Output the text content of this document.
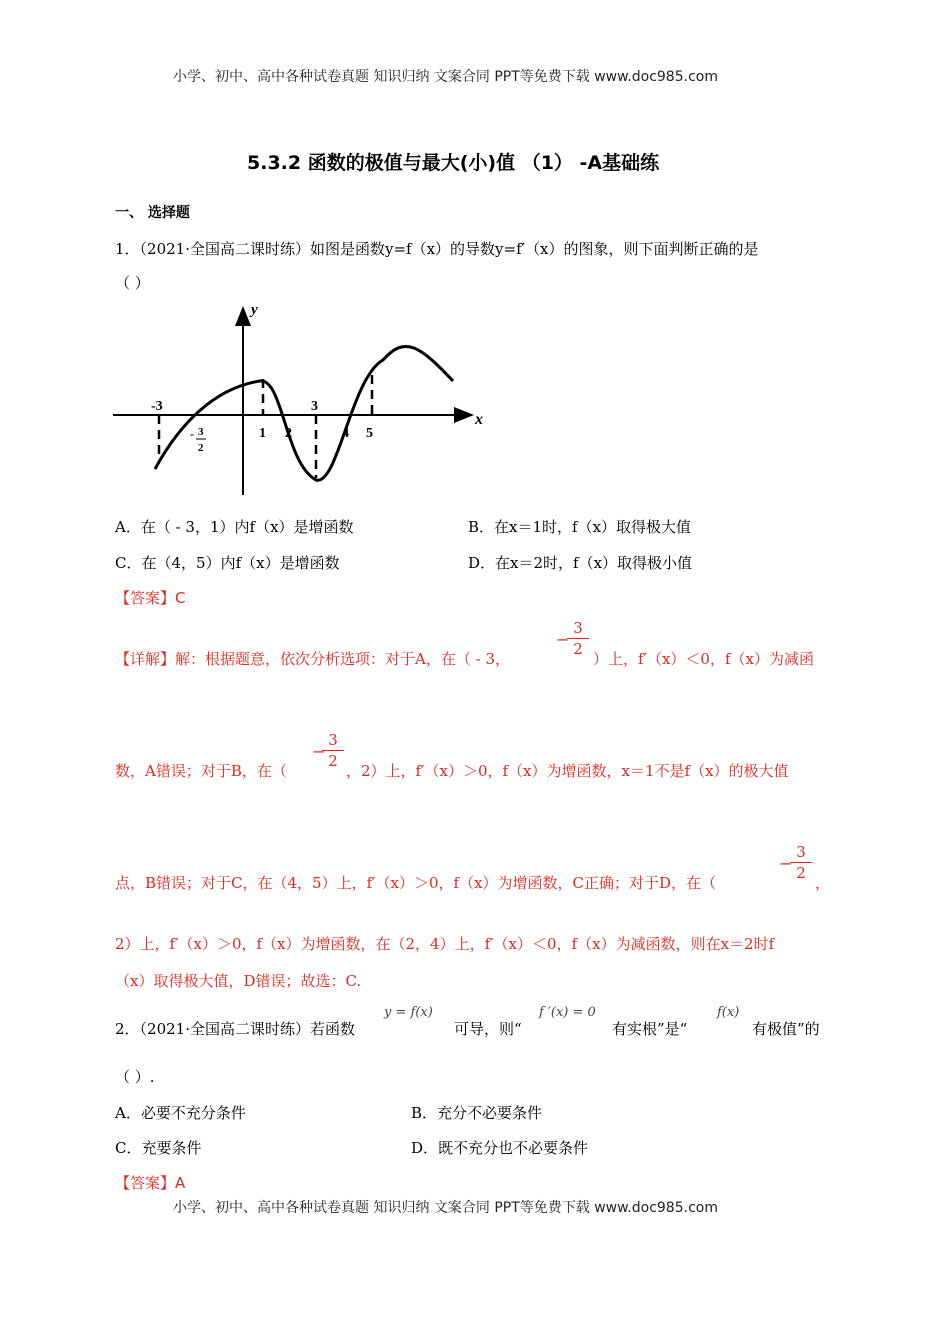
小学、初中、高中各种试卷真题 知识归纳 文案合同 PPT等免费下载 www.doc985.com
5.3.2 函数的极值与最大(小)值 （1） -A基础练
一、 选择题
1．（2021·全国高二课时练）如图是函数y=f（x）的导数y=f′（x）的图象，则下面判断正确的是
（ ）
y
x
-3
1 2
3
4 5
- 3
2
A．在（ - 3，1）内f（x）是增函数	B．在x＝1时，f（x）取得极大值
C．在（4，5）内f（x）是增函数	D．在x＝2时，f（x）取得极小值
【答案】C
【详解】解：根据题意，依次分析选项：对于A，在（ - 3，
−
3
2
）上，f′（x）＜0，f（x）为减函
数，A错误；对于B，在（
−
3
2
，2）上，f′（x）＞0，f（x）为增函数，x＝1不是f（x）的极大值
点，B错误；对于C，在（4，5）上，f′（x）＞0，f（x）为增函数，C正确；对于D，在（
−
3
2
，
2）上，f′（x）＞0，f（x）为增函数，在（2，4）上，f′（x）＜0，f（x）为减函数，则在x＝2时f
（x）取得极大值，D错误；故选：C.
2．（2021·全国高二课时练）若函数
y = f(x)
可导，则“
f ′(x) = 0
有实根”是“
f(x)
有极值”的
（ ）.
A．必要不充分条件	B．充分不必要条件
C．充要条件	D．既不充分也不必要条件
【答案】A
小学、初中、高中各种试卷真题 知识归纳 文案合同 PPT等免费下载 www.doc985.com
